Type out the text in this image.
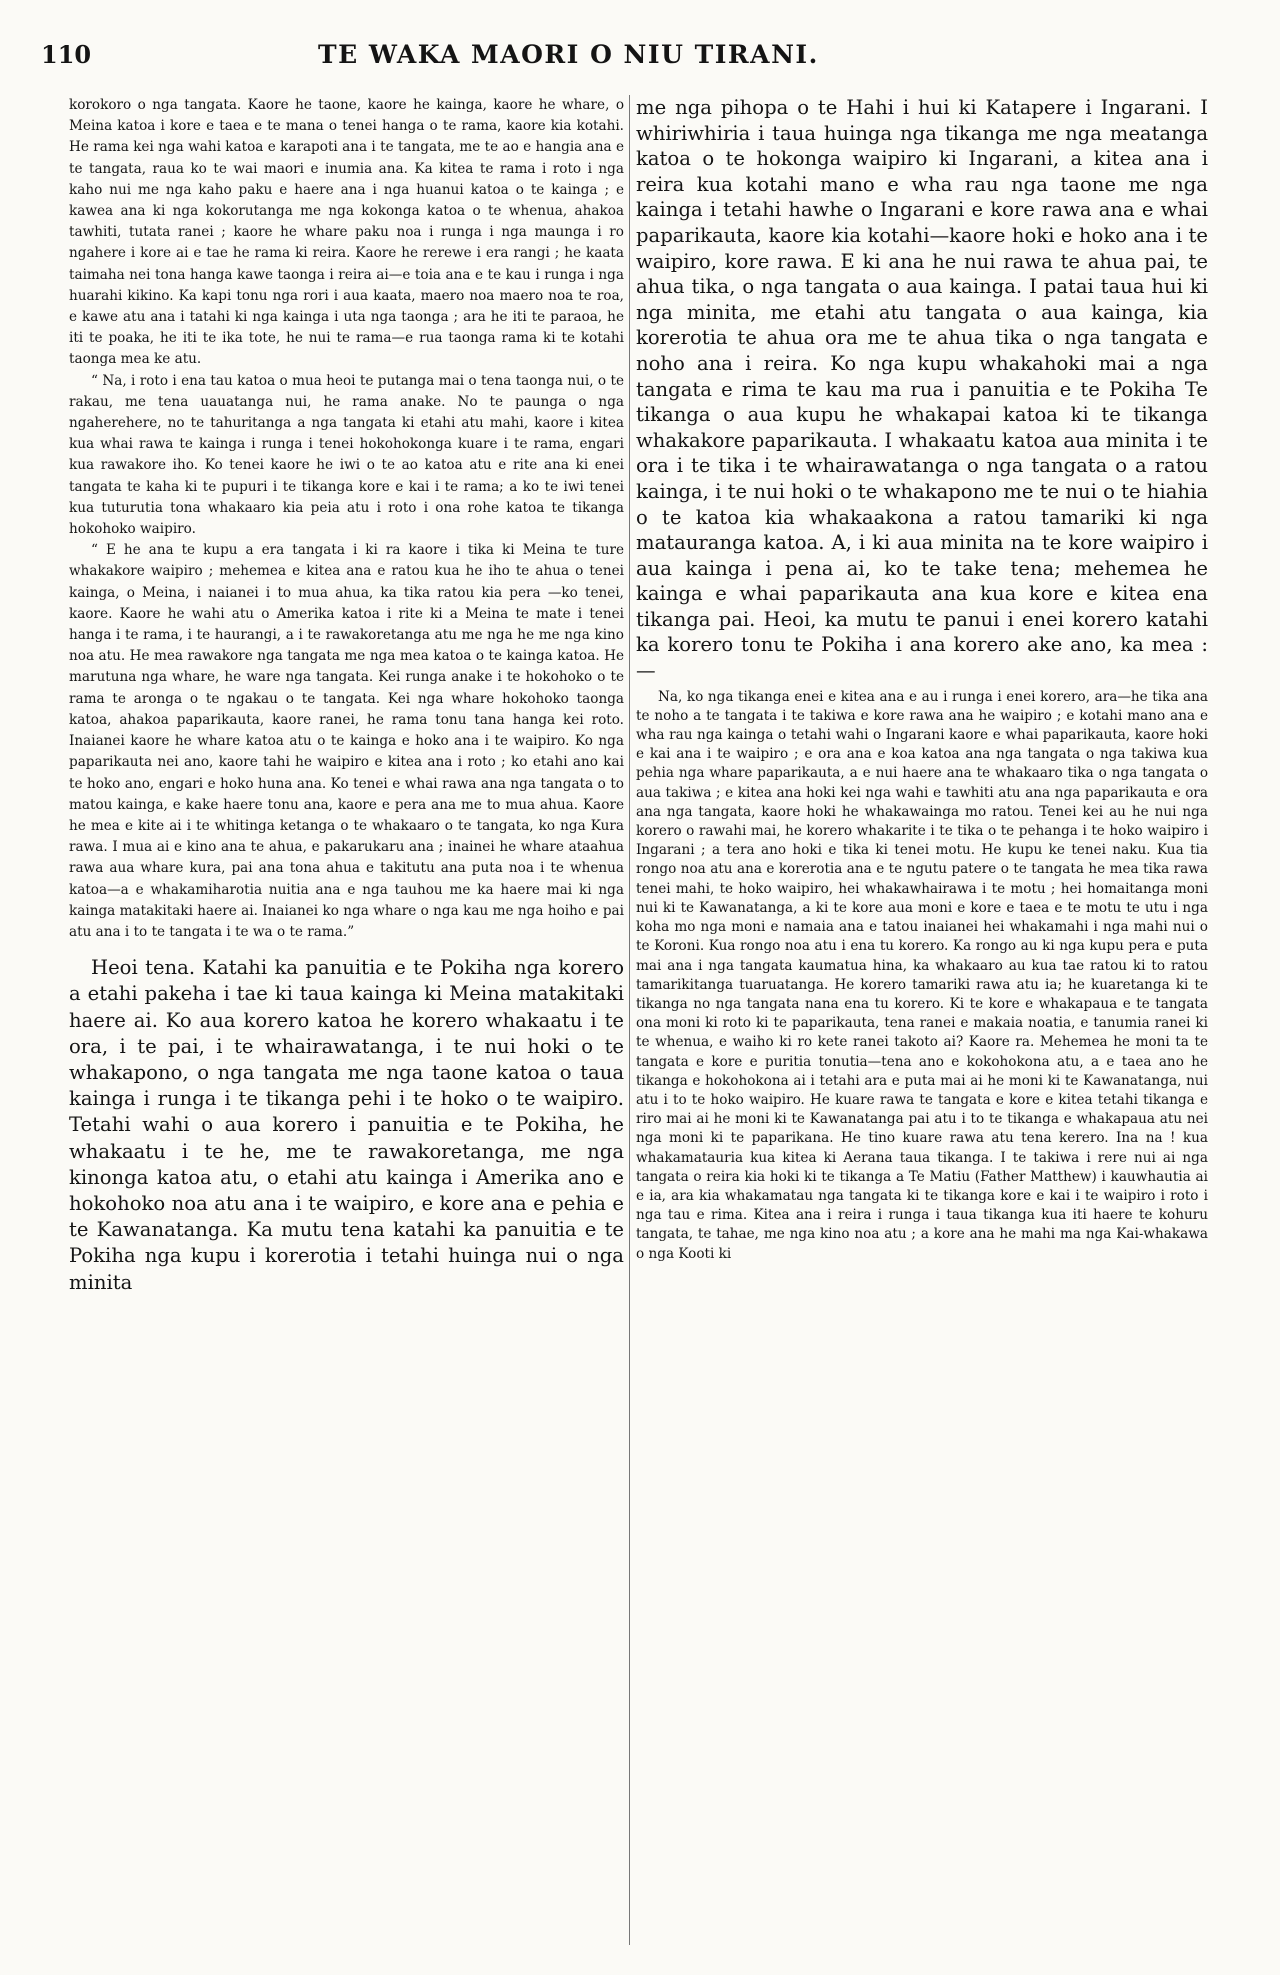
110	TE WAKA MAORI O NIU TIRANI.

korokoro o nga tangata. Kaore he taone, kaore he kainga, kaore he whare, o Meina katoa i kore e taea e te mana o tenei hanga o te rama, kaore kia kotahi. He rama kei nga wahi katoa e karapoti ana i te tangata, me te ao e hangia ana e te tangata, raua ko te wai maori e inumia ana. Ka kitea te rama i roto i nga kaho nui me nga kaho paku e haere ana i nga huanui katoa o te kainga ; e kawea ana ki nga kokorutanga me nga kokonga katoa o te whenua, ahakoa tawhiti, tutata ranei ; kaore he whare paku noa i runga i nga maunga i ro ngahere i kore ai e tae he rama ki reira. Kaore he rerewe i era rangi ; he kaata taimaha nei tona hanga kawe taonga i reira ai—e toia ana e te kau i runga i nga huarahi kikino. Ka kapi tonu nga rori i aua kaata, maero noa maero noa te roa, e kawe atu ana i tatahi ki nga kainga i uta nga taonga ; ara he iti te paraoa, he iti te poaka, he iti te ika tote, he nui te rama—e rua taonga rama ki te kotahi taonga mea ke atu.

“ Na, i roto i ena tau katoa o mua heoi te putanga mai o tena taonga nui, o te rakau, me tena uauatanga nui, he rama anake. No te paunga o nga ngaherehere, no te tahuritanga a nga tangata ki etahi atu mahi, kaore i kitea kua whai rawa te kainga i runga i tenei hokohokonga kuare i te rama, engari kua rawakore iho. Ko tenei kaore he iwi o te ao katoa atu e rite ana ki enei tangata te kaha ki te pupuri i te tikanga kore e kai i te rama; a ko te iwi tenei kua tuturutia tona whakaaro kia peia atu i roto i ona rohe katoa te tikanga hokohoko waipiro.

“ E he ana te kupu a era tangata i ki ra kaore i tika ki Meina te ture whakakore waipiro ; mehemea e kitea ana e ratou kua he iho te ahua o tenei kainga, o Meina, i naianei i to mua ahua, ka tika ratou kia pera —ko tenei, kaore. Kaore he wahi atu o Amerika katoa i rite ki a Meina te mate i tenei hanga i te rama, i te haurangi, a i te rawakoretanga atu me nga he me nga kino noa atu. He mea rawakore nga tangata me nga mea katoa o te kainga katoa. He marutuna nga whare, he ware nga tangata. Kei runga anake i te hokohoko o te rama te aronga o te ngakau o te tangata. Kei nga whare hokohoko taonga katoa, ahakoa paparikauta, kaore ranei, he rama tonu tana hanga kei roto. Inaianei kaore he whare katoa atu o te kainga e hoko ana i te waipiro. Ko nga paparikauta nei ano, kaore tahi he waipiro e kitea ana i roto ; ko etahi ano kai te hoko ano, engari e hoko huna ana. Ko tenei e whai rawa ana nga tangata o to matou kainga, e kake haere tonu ana, kaore e pera ana me to mua ahua. Kaore he mea e kite ai i te whitinga ketanga o te whakaaro o te tangata, ko nga Kura rawa. I mua ai e kino ana te ahua, e pakarukaru ana ; inainei he whare ataahua rawa aua whare kura, pai ana tona ahua e takitutu ana puta noa i te whenua katoa—a e whakamiharotia nuitia ana e nga tauhou me ka haere mai ki nga kainga matakitaki haere ai. Inaianei ko nga whare o nga kau me nga hoiho e pai atu ana i to te tangata i te wa o te rama.”

Heoi tena. Katahi ka panuitia e te Pokiha nga korero a etahi pakeha i tae ki taua kainga ki Meina matakitaki haere ai. Ko aua korero katoa he korero whakaatu i te ora, i te pai, i te whairawatanga, i te nui hoki o te whakapono, o nga tangata me nga taone katoa o taua kainga i runga i te tikanga pehi i te hoko o te waipiro. Tetahi wahi o aua korero i panuitia e te Pokiha, he whakaatu i te he, me te rawakoretanga, me nga kinonga katoa atu, o etahi atu kainga i Amerika ano e hokohoko noa atu ana i te waipiro, e kore ana e pehia e te Kawanatanga. Ka mutu tena katahi ka panuitia e te Pokiha nga kupu i korerotia i tetahi huinga nui o nga minita

me nga pihopa o te Hahi i hui ki Katapere i Ingarani. I whiriwhiria i taua huinga nga tikanga me nga meatanga katoa o te hokonga waipiro ki Ingarani, a kitea ana i reira kua kotahi mano e wha rau nga taone me nga kainga i tetahi hawhe o Ingarani e kore rawa ana e whai paparikauta, kaore kia kotahi—kaore hoki e hoko ana i te waipiro, kore rawa. E ki ana he nui rawa te ahua pai, te ahua tika, o nga tangata o aua kainga. I patai taua hui ki nga minita, me etahi atu tangata o aua kainga, kia korerotia te ahua ora me te ahua tika o nga tangata e noho ana i reira. Ko nga kupu whakahoki mai a nga tangata e rima te kau ma rua i panuitia e te Pokiha Te tikanga o aua kupu he whakapai katoa ki te tikanga whakakore paparikauta. I whakaatu katoa aua minita i te ora i te tika i te whairawatanga o nga tangata o a ratou kainga, i te nui hoki o te whakapono me te nui o te hiahia o te katoa kia whakaakona a ratou tamariki ki nga matauranga katoa. A, i ki aua minita na te kore waipiro i aua kainga i pena ai, ko te take tena; mehemea he kainga e whai paparikauta ana kua kore e kitea ena tikanga pai. Heoi, ka mutu te panui i enei korero katahi ka korero tonu te Pokiha i ana korero ake ano, ka mea :—

Na, ko nga tikanga enei e kitea ana e au i runga i enei korero, ara—he tika ana te noho a te tangata i te takiwa e kore rawa ana he waipiro ; e kotahi mano ana e wha rau nga kainga o tetahi wahi o Ingarani kaore e whai paparikauta, kaore hoki e kai ana i te waipiro ; e ora ana e koa katoa ana nga tangata o nga takiwa kua pehia nga whare paparikauta, a e nui haere ana te whakaaro tika o nga tangata o aua takiwa ; e kitea ana hoki kei nga wahi e tawhiti atu ana nga paparikauta e ora ana nga tangata, kaore hoki he whakawainga mo ratou. Tenei kei au he nui nga korero o rawahi mai, he korero whakarite i te tika o te pehanga i te hoko waipiro i Ingarani ; a tera ano hoki e tika ki tenei motu. He kupu ke tenei naku. Kua tia rongo noa atu ana e korerotia ana e te ngutu patere o te tangata he mea tika rawa tenei mahi, te hoko waipiro, hei whakawhairawa i te motu ; hei homaitanga moni nui ki te Kawanatanga, a ki te kore aua moni e kore e taea e te motu te utu i nga koha mo nga moni e namaia ana e tatou inaianei hei whakamahi i nga mahi nui o te Koroni. Kua rongo noa atu i ena tu korero. Ka rongo au ki nga kupu pera e puta mai ana i nga tangata kaumatua hina, ka whakaaro au kua tae ratou ki to ratou tamarikitanga tuaruatanga. He korero tamariki rawa atu ia; he kuaretanga ki te tikanga no nga tangata nana ena tu korero. Ki te kore e whakapaua e te tangata ona moni ki roto ki te paparikauta, tena ranei e makaia noatia, e tanumia ranei ki te whenua, e waiho ki ro kete ranei takoto ai? Kaore ra. Mehemea he moni ta te tangata e kore e puritia tonutia—tena ano e kokohokona atu, a e taea ano he tikanga e hokohokona ai i tetahi ara e puta mai ai he moni ki te Kawanatanga, nui atu i to te hoko waipiro. He kuare rawa te tangata e kore e kitea tetahi tikanga e riro mai ai he moni ki te Kawanatanga pai atu i to te tikanga e whakapaua atu nei nga moni ki te paparikana. He tino kuare rawa atu tena kerero. Ina na ! kua whakamatauria kua kitea ki Aerana taua tikanga. I te takiwa i rere nui ai nga tangata o reira kia hoki ki te tikanga a Te Matiu (Father Matthew) i kauwhautia ai e ia, ara kia whakamatau nga tangata ki te tikanga kore e kai i te waipiro i roto i nga tau e rima. Kitea ana i reira i runga i taua tikanga kua iti haere te kohuru tangata, te tahae, me nga kino noa atu ; a kore ana he mahi ma nga Kai-whakawa o nga Kooti ki
